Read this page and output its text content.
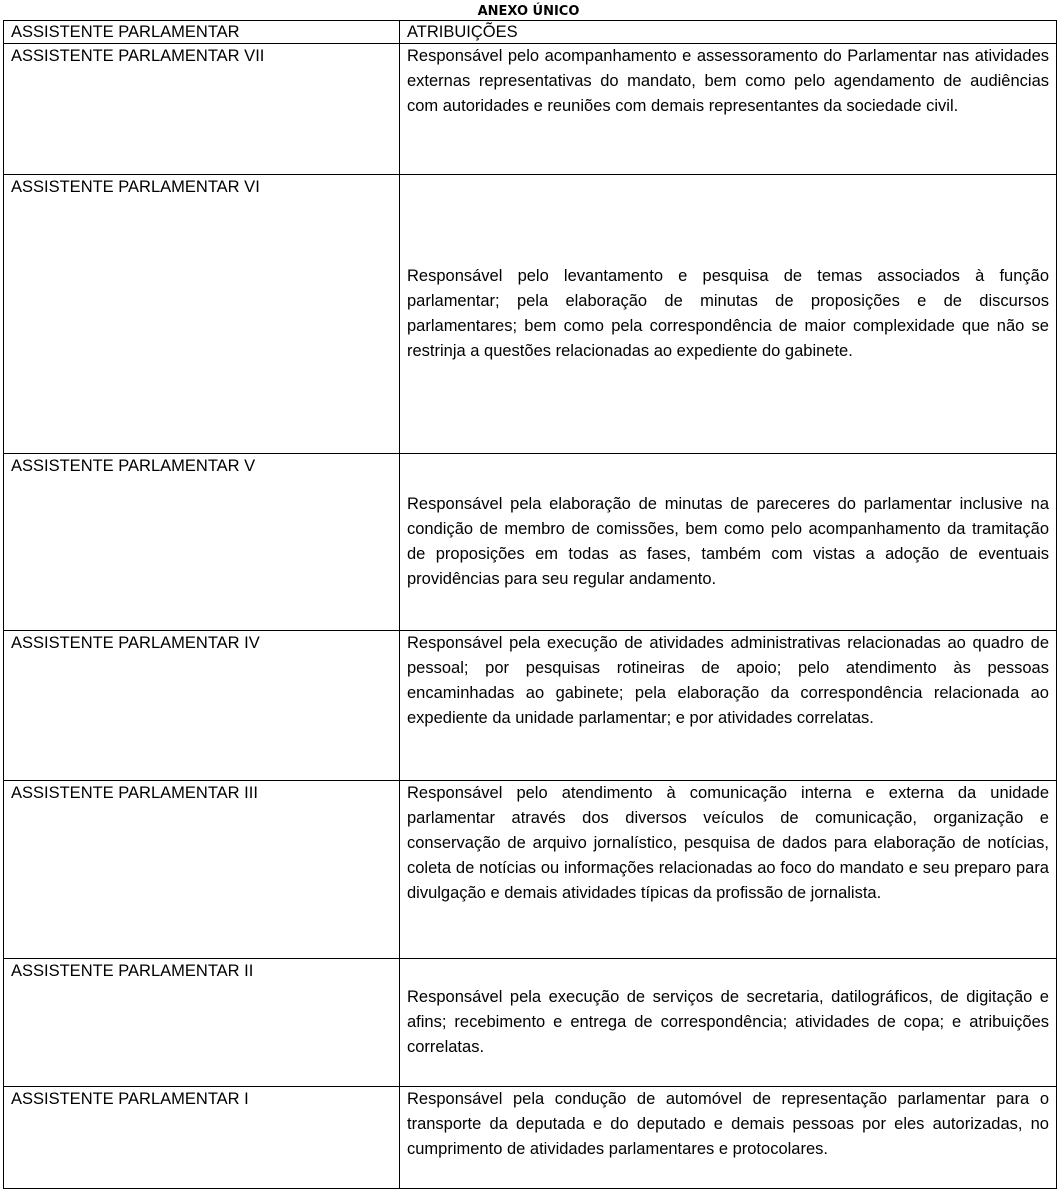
ANEXO ÚNICO
ASSISTENTE PARLAMENTAR	ATRIBUIÇÕES
ASSISTENTE PARLAMENTAR VII	Responsável pelo acompanhamento e assessoramento do Parlamentar nas atividades externas representativas do mandato, bem como pelo agendamento de audiências com autoridades e reuniões com demais representantes da sociedade civil.
ASSISTENTE PARLAMENTAR VI	Responsável pelo levantamento e pesquisa de temas associados à função parlamentar; pela elaboração de minutas de proposições e de discursos parlamentares; bem como pela correspondência de maior complexidade que não se restrinja a questões relacionadas ao expediente do gabinete.
ASSISTENTE PARLAMENTAR V	Responsável pela elaboração de minutas de pareceres do parlamentar inclusive na condição de membro de comissões, bem como pelo acompanhamento da tramitação de proposições em todas as fases, também com vistas a adoção de eventuais providências para seu regular andamento.
ASSISTENTE PARLAMENTAR IV	Responsável pela execução de atividades administrativas relacionadas ao quadro de pessoal; por pesquisas rotineiras de apoio; pelo atendimento às pessoas encaminhadas ao gabinete; pela elaboração da correspondência relacionada ao expediente da unidade parlamentar; e por atividades correlatas.
ASSISTENTE PARLAMENTAR III	Responsável pelo atendimento à comunicação interna e externa da unidade parlamentar através dos diversos veículos de comunicação, organização e conservação de arquivo jornalístico, pesquisa de dados para elaboração de notícias, coleta de notícias ou informações relacionadas ao foco do mandato e seu preparo para divulgação e demais atividades típicas da profissão de jornalista.
ASSISTENTE PARLAMENTAR II	Responsável pela execução de serviços de secretaria, datilográficos, de digitação e afins; recebimento e entrega de correspondência; atividades de copa; e atribuições correlatas.
ASSISTENTE PARLAMENTAR I	Responsável pela condução de automóvel de representação parlamentar para o transporte da deputada e do deputado e demais pessoas por eles autorizadas, no cumprimento de atividades parlamentares e protocolares.
